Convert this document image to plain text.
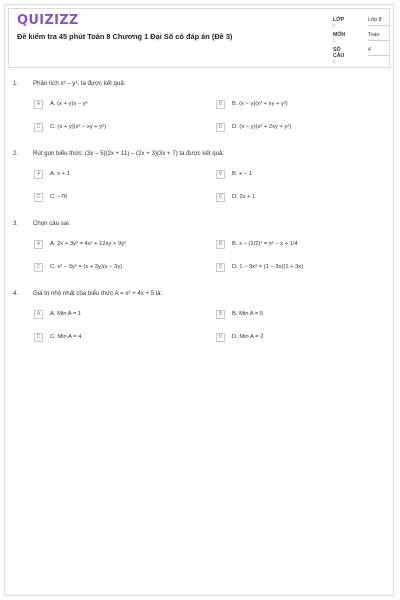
QUIZIZZ
Đề kiểm tra 45 phút Toán 8 Chương 1 Đại Số có đáp án (Đề 3)
LỚP :
Lớp 8
MÔN :
Toán
SỐ CÂU :
4
1. Phân tích x³ – y³, ta được kết quả:
A	A. (x + y)x – y²	B	B. (x – y)(x² + xy + y²)
C	C. (x + y)(x² – xy + y²)	D	D. (x – y)(x² + 2xy + y²)
2. Rút gọn biểu thức: (3x – 5)(2x + 11) – (2x + 3)(3x + 7) ta được kết quả:
A	A. x + 1	B	B. x − 1
C	C. −76	D	D. 2x + 1
3. Chọn câu sai:
A	A. 2x + 3y² = 4x² + 12xy + 9y²	B	B. x – (1/2)² = x² – x + 1/4
C	C. x² – 3y² = (x + 3y)(x – 3y)	D	D. 1 – 9x² = (1 – 3x)(1 + 3x)
4. Giá trị nhỏ nhất của biểu thức A = x² + 4x + 5 là:
A	A. Min A = 1	B	B. Min A = 5
C	C. Min A = 4	D	D. Min A = 2
